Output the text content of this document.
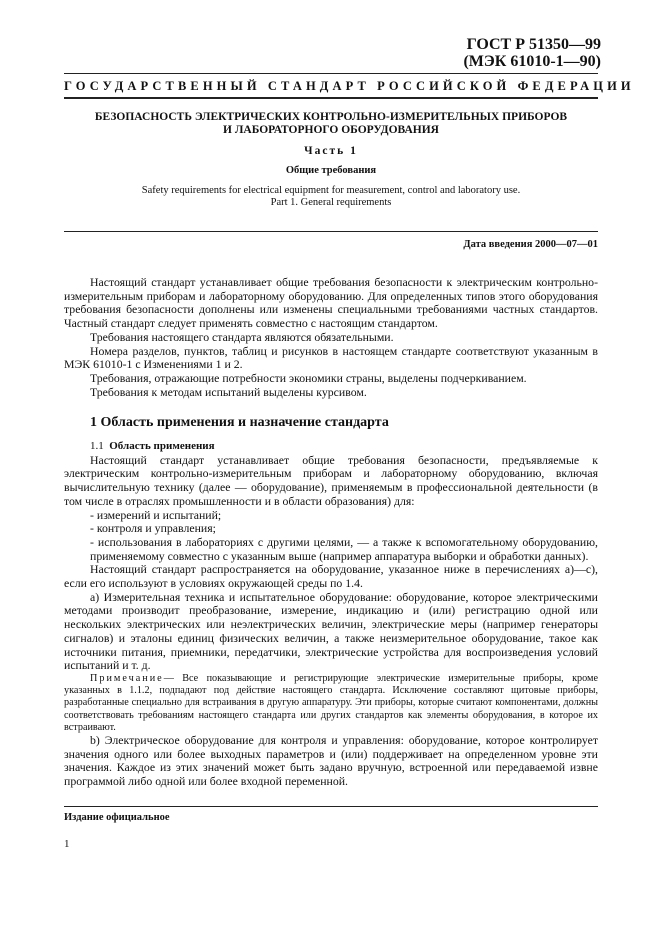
ГОСТ Р 51350—99
(МЭК 61010-1—90)
ГОСУДАРСТВЕННЫЙ СТАНДАРТ РОССИЙСКОЙ ФЕДЕРАЦИИ
БЕЗОПАСНОСТЬ ЭЛЕКТРИЧЕСКИХ КОНТРОЛЬНО-ИЗМЕРИТЕЛЬНЫХ ПРИБОРОВ
И ЛАБОРАТОРНОГО ОБОРУДОВАНИЯ
Часть 1
Общие требования
Safety requirements for electrical equipment for measurement, control and laboratory use.
Part 1. General requirements
Дата введения 2000—07—01

Настоящий стандарт устанавливает общие требования безопасности к электрическим контрольно-измерительным приборам и лабораторному оборудованию. Для определенных типов этого оборудования требования безопасности дополнены или изменены специальными требованиями частных стандартов. Частный стандарт следует применять совместно с настоящим стандартом.

Требования настоящего стандарта являются обязательными.

Номера разделов, пунктов, таблиц и рисунков в настоящем стандарте соответствуют указанным в МЭК 61010-1 с Изменениями 1 и 2.

Требования, отражающие потребности экономики страны, выделены подчеркиванием.

Требования к методам испытаний выделены курсивом.

1 Область применения и назначение стандарта

1.1 Область применения

Настоящий стандарт устанавливает общие требования безопасности, предъявляемые к электрическим контрольно-измерительным приборам и лабораторному оборудованию, включая вычислительную технику (далее — оборудование), применяемым в профессиональной деятельности (в том числе в отраслях промышленности и в области образования) для:

- измерений и испытаний;
- контроля и управления;
- использования в лабораториях с другими целями, — а также к вспомогательному оборудованию, применяемому совместно с указанным выше (например аппаратура выборки и обработки данных).

Настоящий стандарт распространяется на оборудование, указанное ниже в перечислениях а)—с), если его используют в условиях окружающей среды по 1.4.

а) Измерительная техника и испытательное оборудование: оборудование, которое электрическими методами производит преобразование, измерение, индикацию и (или) регистрацию одной или нескольких электрических или неэлектрических величин, электрические меры (например генераторы сигналов) и эталоны единиц физических величин, а также неизмерительное оборудование, такое как источники питания, приемники, передатчики, электрические устройства для воспроизведения условий испытаний и т. д.

Примечание— Все показывающие и регистрирующие электрические измерительные приборы, кроме указанных в 1.1.2, подпадают под действие настоящего стандарта. Исключение составляют щитовые приборы, разработанные специально для встраивания в другую аппаратуру. Эти приборы, которые считают компонентами, должны соответствовать требованиям настоящего стандарта или других стандартов как элементы оборудования, в которое их встраивают.

b) Электрическое оборудование для контроля и управления: оборудование, которое контролирует значения одного или более выходных параметров и (или) поддерживает на определенном уровне эти значения. Каждое из этих значений может быть задано вручную, встроенной или передаваемой извне программой либо одной или более входной переменной.

Издание официальное
1
